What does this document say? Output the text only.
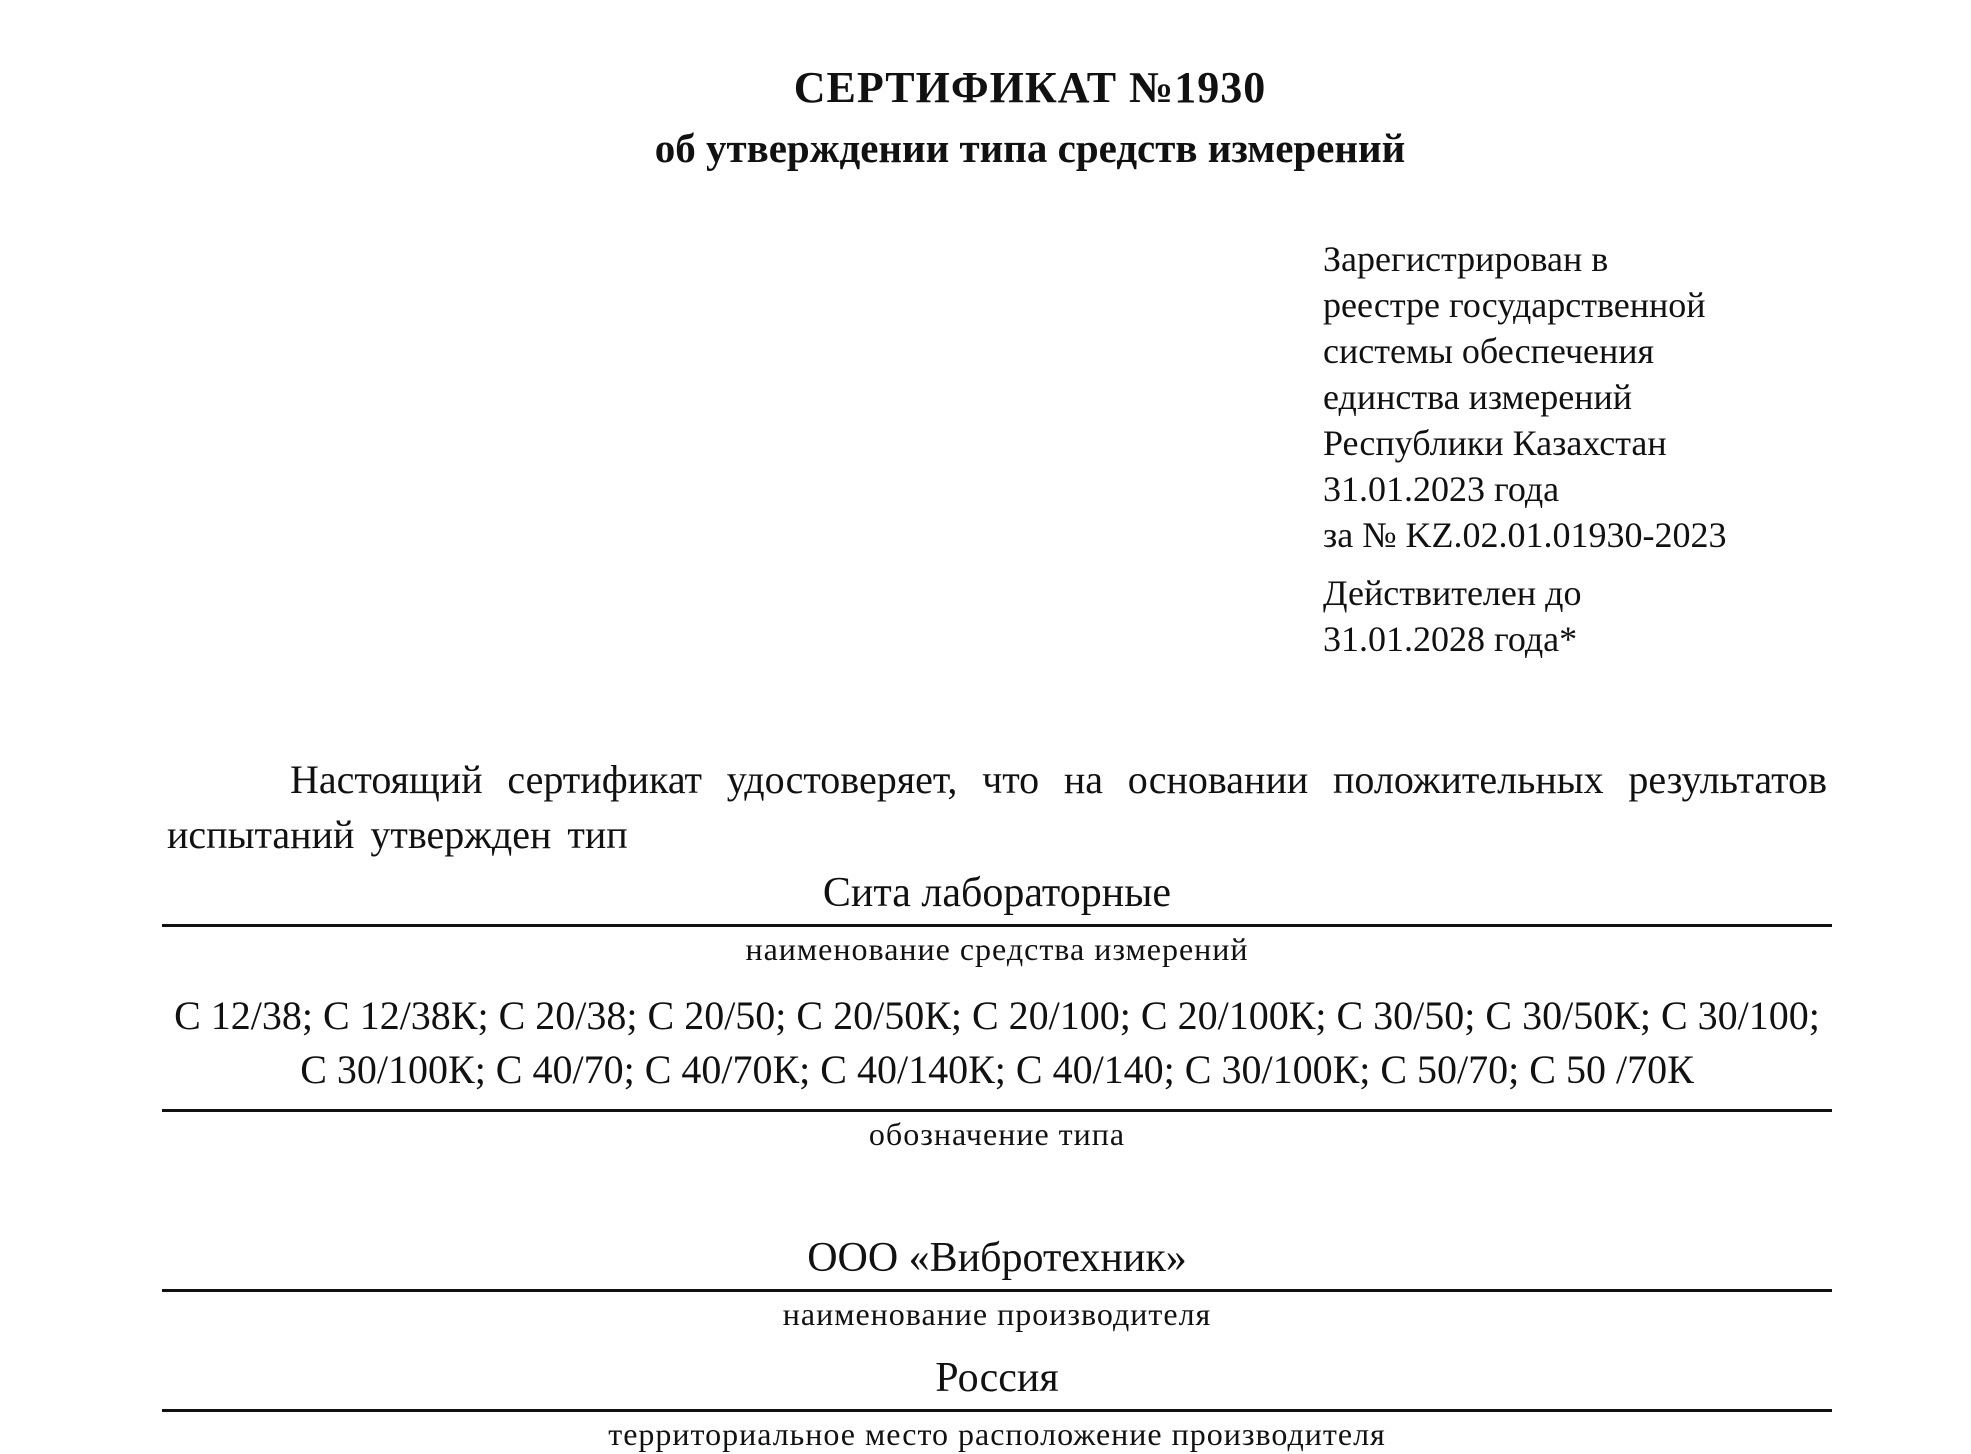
СЕРТИФИКАТ №1930
об утверждении типа средств измерений
Зарегистрирован в
реестре государственной
системы обеспечения
единства измерений
Республики Казахстан
31.01.2023 года
за № KZ.02.01.01930-2023
Действителен до
31.01.2028 года*
Настоящий сертификат удостоверяет, что на основании положительных результатов испытаний утвержден тип
Сита лабораторные
наименование средства измерений
С 12/38; С 12/38К; С 20/38; С 20/50; С 20/50К; С 20/100; С 20/100К; С 30/50; С 30/50К; С 30/100; С 30/100К; С 40/70; С 40/70К; С 40/140К; С 40/140; С 30/100К; С 50/70; С 50 /70К
обозначение типа
ООО «Вибротехник»
наименование производителя
Россия
территориальное место расположение производителя
